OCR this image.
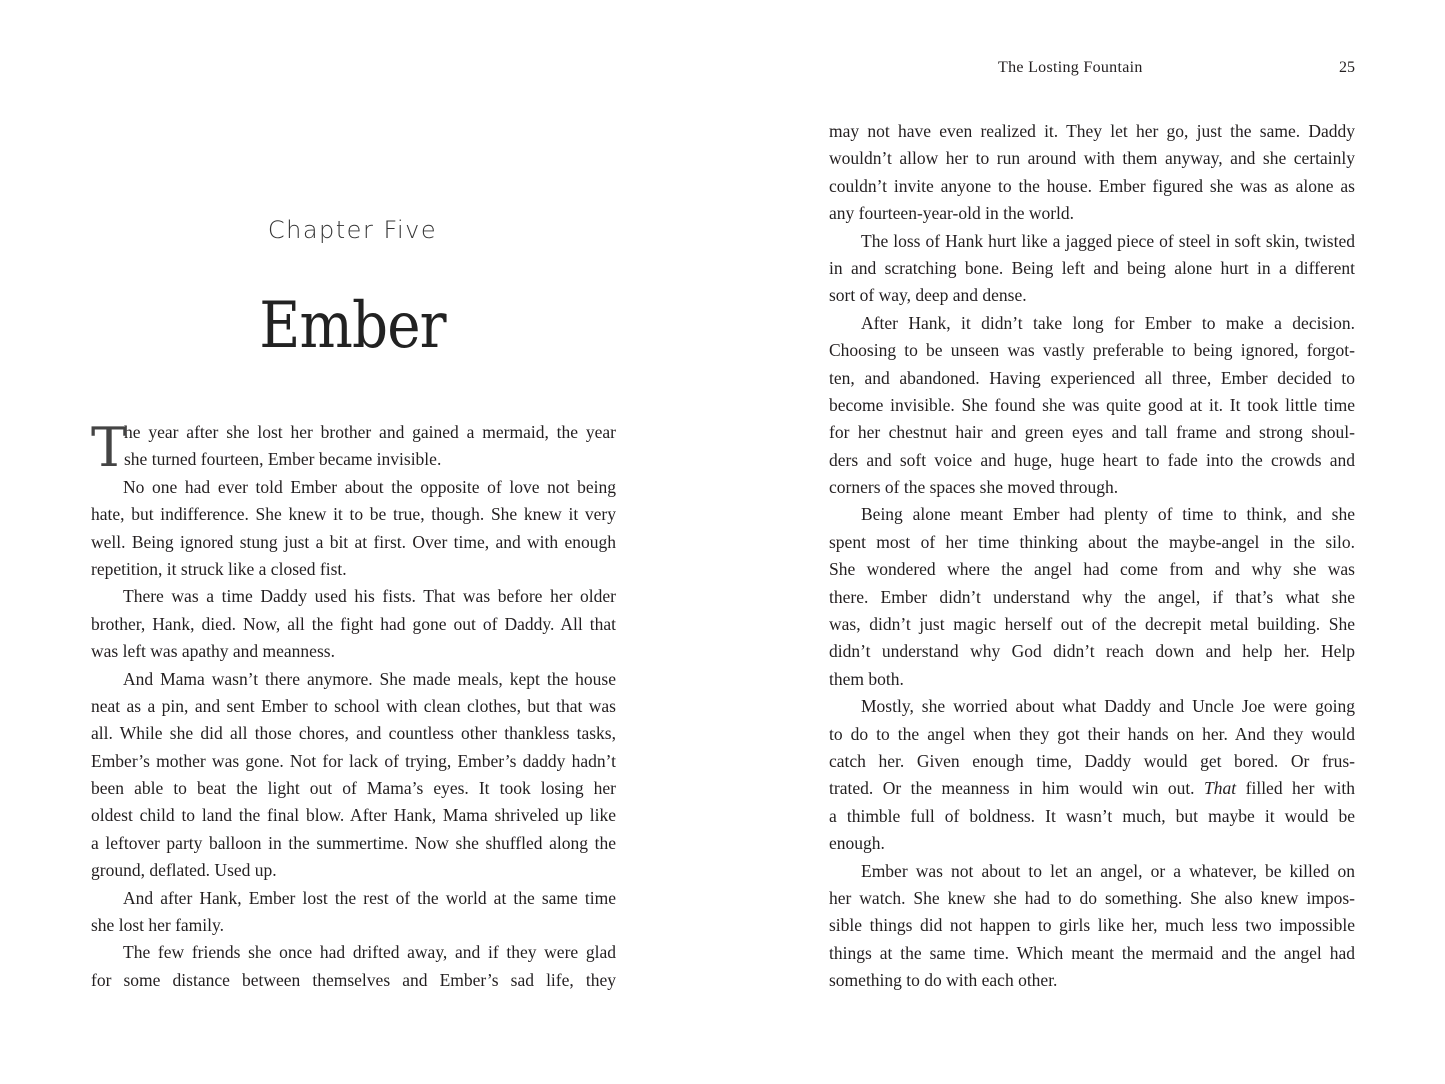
Chapter Five
Ember
T
he year after she lost her brother and gained a mermaid, the year
she turned fourteen, Ember became invisible.
No one had ever told Ember about the opposite of love not being
hate, but indifference. She knew it to be true, though. She knew it very
well. Being ignored stung just a bit at first. Over time, and with enough
repetition, it struck like a closed fist.
There was a time Daddy used his fists. That was before her older
brother, Hank, died. Now, all the fight had gone out of Daddy. All that
was left was apathy and meanness.
And Mama wasn’t there anymore. She made meals, kept the house
neat as a pin, and sent Ember to school with clean clothes, but that was
all. While she did all those chores, and countless other thankless tasks,
Ember’s mother was gone. Not for lack of trying, Ember’s daddy hadn’t
been able to beat the light out of Mama’s eyes. It took losing her
oldest child to land the final blow. After Hank, Mama shriveled up like
a leftover party balloon in the summertime. Now she shuffled along the
ground, deflated. Used up.
And after Hank, Ember lost the rest of the world at the same time
she lost her family.
The few friends she once had drifted away, and if they were glad
for some distance between themselves and Ember’s sad life, they
The Losting Fountain	25
may not have even realized it. They let her go, just the same. Daddy
wouldn’t allow her to run around with them anyway, and she certainly
couldn’t invite anyone to the house. Ember figured she was as alone as
any fourteen-year-old in the world.
The loss of Hank hurt like a jagged piece of steel in soft skin, twisted
in and scratching bone. Being left and being alone hurt in a different
sort of way, deep and dense.
After Hank, it didn’t take long for Ember to make a decision.
Choosing to be unseen was vastly preferable to being ignored, forgot-
ten, and abandoned. Having experienced all three, Ember decided to
become invisible. She found she was quite good at it. It took little time
for her chestnut hair and green eyes and tall frame and strong shoul-
ders and soft voice and huge, huge heart to fade into the crowds and
corners of the spaces she moved through.
Being alone meant Ember had plenty of time to think, and she
spent most of her time thinking about the maybe-angel in the silo.
She wondered where the angel had come from and why she was
there. Ember didn’t understand why the angel, if that’s what she
was, didn’t just magic herself out of the decrepit metal building. She
didn’t understand why God didn’t reach down and help her. Help
them both.
Mostly, she worried about what Daddy and Uncle Joe were going
to do to the angel when they got their hands on her. And they would
catch her. Given enough time, Daddy would get bored. Or frus-
trated. Or the meanness in him would win out. That filled her with
a thimble full of boldness. It wasn’t much, but maybe it would be
enough.
Ember was not about to let an angel, or a whatever, be killed on
her watch. She knew she had to do something. She also knew impos-
sible things did not happen to girls like her, much less two impossible
things at the same time. Which meant the mermaid and the angel had
something to do with each other.
